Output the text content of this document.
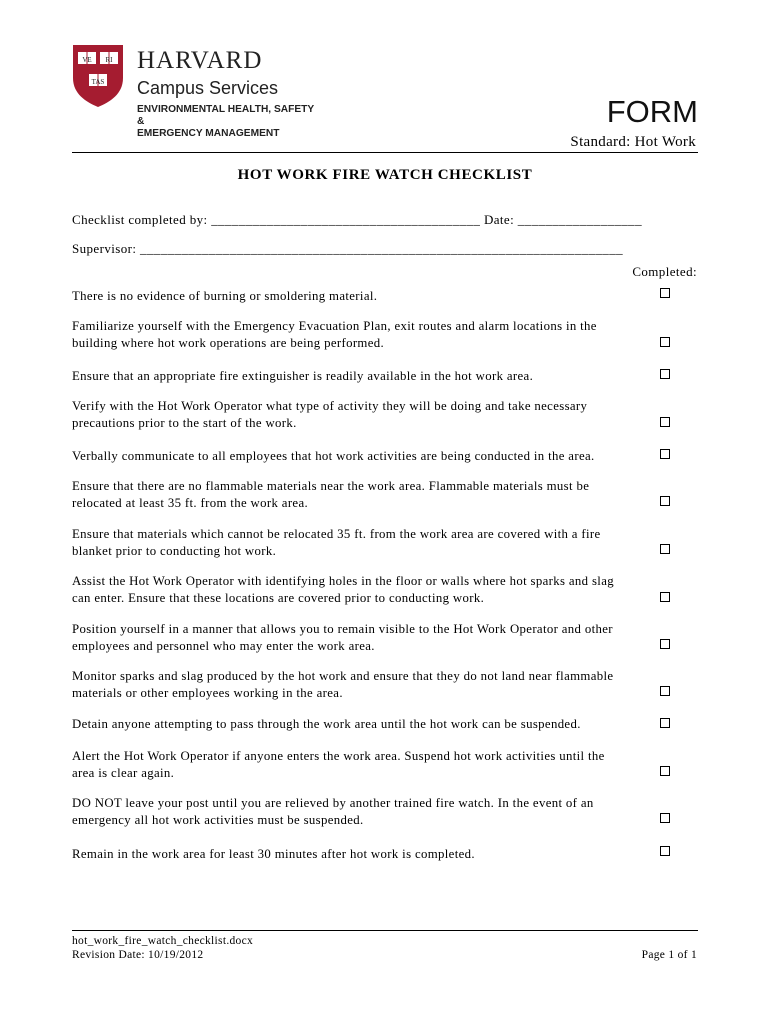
VE RI
TAS
HARVARD
Campus Services
ENVIRONMENTAL HEALTH, SAFETY &
EMERGENCY MANAGEMENT
FORM
Standard: Hot Work
HOT WORK FIRE WATCH CHECKLIST
Checklist completed by: _______________________________________ Date: __________________
Supervisor: ______________________________________________________________________
Completed:
There is no evidence of burning or smoldering material.
Familiarize yourself with the Emergency Evacuation Plan, exit routes and alarm locations in the building where hot work operations are being performed.
Ensure that an appropriate fire extinguisher is readily available in the hot work area.
Verify with the Hot Work Operator what type of activity they will be doing and take necessary precautions prior to the start of the work.
Verbally communicate to all employees that hot work activities are being conducted in the area.
Ensure that there are no flammable materials near the work area. Flammable materials must be relocated at least 35 ft. from the work area.
Ensure that materials which cannot be relocated 35 ft. from the work area are covered with a fire blanket prior to conducting hot work.
Assist the Hot Work Operator with identifying holes in the floor or walls where hot sparks and slag can enter. Ensure that these locations are covered prior to conducting work.
Position yourself in a manner that allows you to remain visible to the Hot Work Operator and other employees and personnel who may enter the work area.
Monitor sparks and slag produced by the hot work and ensure that they do not land near flammable materials or other employees working in the area.
Detain anyone attempting to pass through the work area until the hot work can be suspended.
Alert the Hot Work Operator if anyone enters the work area. Suspend hot work activities until the area is clear again.
DO NOT leave your post until you are relieved by another trained fire watch. In the event of an emergency all hot work activities must be suspended.
Remain in the work area for least 30 minutes after hot work is completed.
hot_work_fire_watch_checklist.docx
Revision Date: 10/19/2012	Page 1 of 1
